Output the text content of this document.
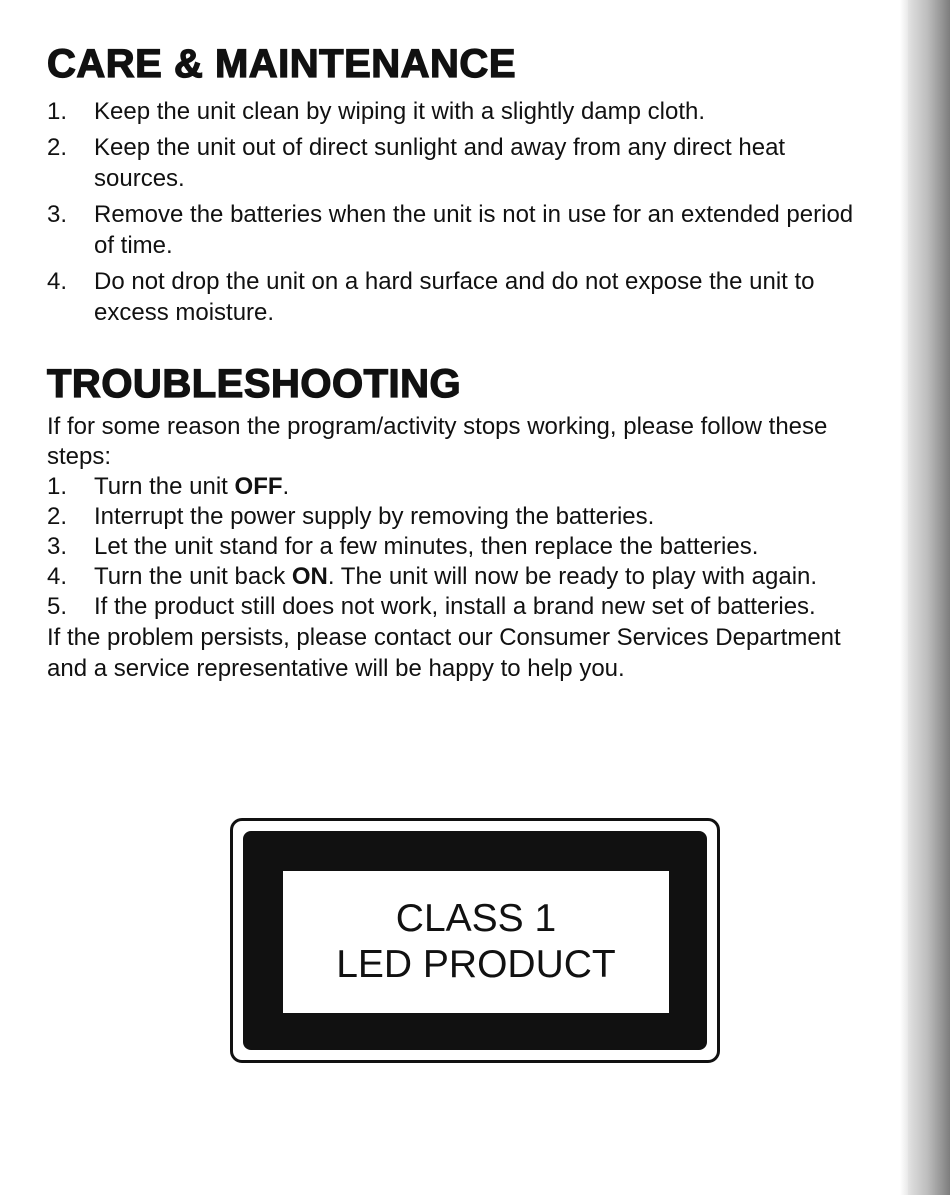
CARE & MAINTENANCE
1. Keep the unit clean by wiping it with a slightly damp cloth.
2. Keep the unit out of direct sunlight and away from any direct heat sources.
3. Remove the batteries when the unit is not in use for an extended period of time.
4. Do not drop the unit on a hard surface and do not expose the unit to excess moisture.
TROUBLESHOOTING

If for some reason the program/activity stops working, please follow these steps:

1. Turn the unit OFF.
2. Interrupt the power supply by removing the batteries.
3. Let the unit stand for a few minutes, then replace the batteries.
4. Turn the unit back ON. The unit will now be ready to play with again.
5. If the product still does not work, install a brand new set of batteries.

If the problem persists, please contact our Consumer Services Department and a service representative will be happy to help you.

CLASS 1
LED PRODUCT
